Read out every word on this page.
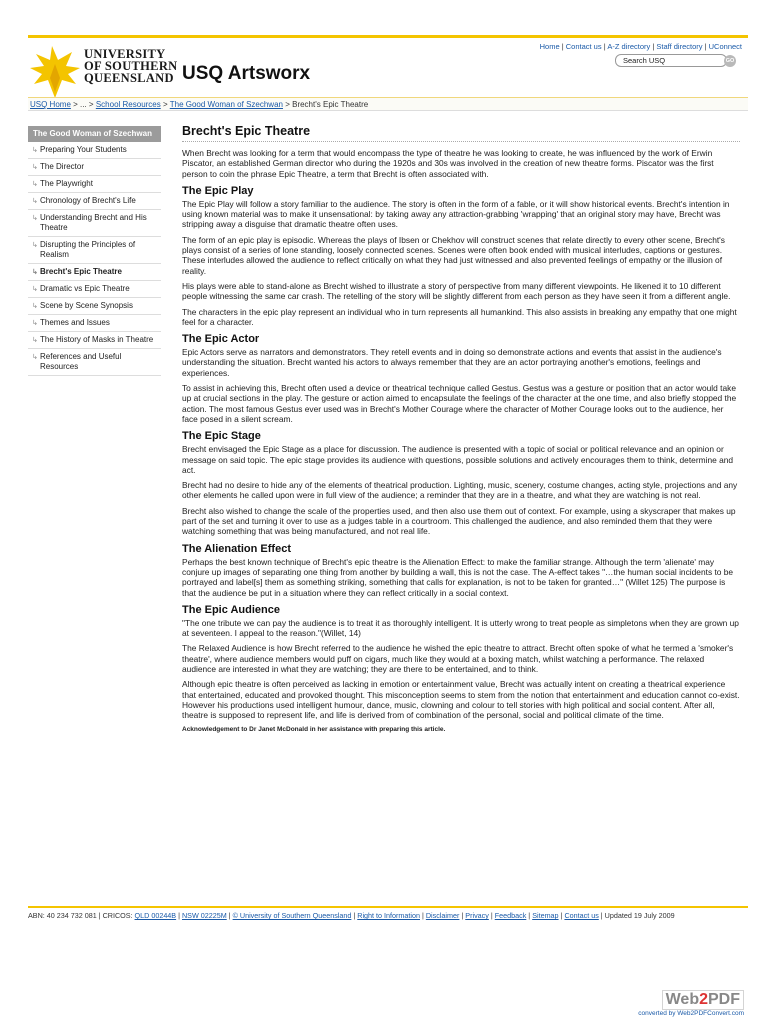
UNIVERSITY
OF SOUTHERN
QUEENSLAND USQ Artsworx
Home | Contact us | A-Z directory | Staff directory | UConnect
Search USQ	GO
USQ Home > ... > School Resources > The Good Woman of Szechwan > Brecht's Epic Theatre
The Good Woman of Szechwan
↳ Preparing Your Students
↳ The Director
↳ The Playwright
↳ Chronology of Brecht's Life
↳ Understanding Brecht and His Theatre
↳ Disrupting the Principles of Realism
↳ Brecht's Epic Theatre
↳ Dramatic vs Epic Theatre
↳ Scene by Scene Synopsis
↳ Themes and Issues
↳ The History of Masks in Theatre
↳ References and Useful Resources
Brecht's Epic Theatre

When Brecht was looking for a term that would encompass the type of theatre he was looking to create, he was influenced by the work of Erwin Piscator, an established German director who during the 1920s and 30s was involved in the creation of new theatre forms. Piscator was the first person to coin the phrase Epic Theatre, a term that Brecht is often associated with.

The Epic Play

The Epic Play will follow a story familiar to the audience. The story is often in the form of a fable, or it will show historical events. Brecht's intention in using known material was to make it unsensational: by taking away any attraction-grabbing 'wrapping' that an original story may have, Brecht was stripping away a disguise that dramatic theatre often uses.

The form of an epic play is episodic. Whereas the plays of Ibsen or Chekhov will construct scenes that relate directly to every other scene, Brecht's plays consist of a series of lone standing, loosely connected scenes. Scenes were often book ended with musical interludes, captions or gestures. These interludes allowed the audience to reflect critically on what they had just witnessed and also prevented feelings of empathy or the illusion of reality.

His plays were able to stand-alone as Brecht wished to illustrate a story of perspective from many different viewpoints. He likened it to 10 different people witnessing the same car crash. The retelling of the story will be slightly different from each person as they have seen it from a different angle.

The characters in the epic play represent an individual who in turn represents all humankind. This also assists in breaking any empathy that one might feel for a character.

The Epic Actor

Epic Actors serve as narrators and demonstrators. They retell events and in doing so demonstrate actions and events that assist in the audience's understanding the situation. Brecht wanted his actors to always remember that they are an actor portraying another's emotions, feelings and experiences.

To assist in achieving this, Brecht often used a device or theatrical technique called Gestus. Gestus was a gesture or position that an actor would take up at crucial sections in the play. The gesture or action aimed to encapsulate the feelings of the character at the one time, and also briefly stopped the action. The most famous Gestus ever used was in Brecht's Mother Courage where the character of Mother Courage looks out to the audience, her face posed in a silent scream.

The Epic Stage

Brecht envisaged the Epic Stage as a place for discussion. The audience is presented with a topic of social or political relevance and an opinion or message on said topic. The epic stage provides its audience with questions, possible solutions and actively encourages them to think, determine and act.

Brecht had no desire to hide any of the elements of theatrical production. Lighting, music, scenery, costume changes, acting style, projections and any other elements he called upon were in full view of the audience; a reminder that they are in a theatre, and what they are watching is not real.

Brecht also wished to change the scale of the properties used, and then also use them out of context. For example, using a skyscraper that makes up part of the set and turning it over to use as a judges table in a courtroom. This challenged the audience, and also reminded them that they were watching something that was being manufactured, and not real life.

The Alienation Effect

Perhaps the best known technique of Brecht's epic theatre is the Alienation Effect: to make the familiar strange. Although the term 'alienate' may conjure up images of separating one thing from another by building a wall, this is not the case. The A-effect takes "…the human social incidents to be portrayed and label[s] them as something striking, something that calls for explanation, is not to be taken for granted…" (Willet 125) The purpose is that the audience be put in a situation where they can reflect critically in a social context.

The Epic Audience

"The one tribute we can pay the audience is to treat it as thoroughly intelligent. It is utterly wrong to treat people as simpletons when they are grown up at seventeen. I appeal to the reason."(Willet, 14)

The Relaxed Audience is how Brecht referred to the audience he wished the epic theatre to attract. Brecht often spoke of what he termed a 'smoker's theatre', where audience members would puff on cigars, much like they would at a boxing match, whilst watching a performance. The relaxed audience are interested in what they are watching; they are there to be entertained, and to think.

Although epic theatre is often perceived as lacking in emotion or entertainment value, Brecht was actually intent on creating a theatrical experience that entertained, educated and provoked thought. This misconception seems to stem from the notion that entertainment and education cannot co-exist. However his productions used intelligent humour, dance, music, clowning and colour to tell stories with high political and social content. After all, theatre is supposed to represent life, and life is derived from of combination of the personal, social and political climate of the time.

Acknowledgement to Dr Janet McDonald in her assistance with preparing this article.

ABN: 40 234 732 081 | CRICOS: QLD 00244B | NSW 02225M | © University of Southern Queensland | Right to Information | Disclaimer | Privacy | Feedback | Sitemap | Contact us | Updated 19 July 2009
Web2PDF
converted by Web2PDFConvert.com
